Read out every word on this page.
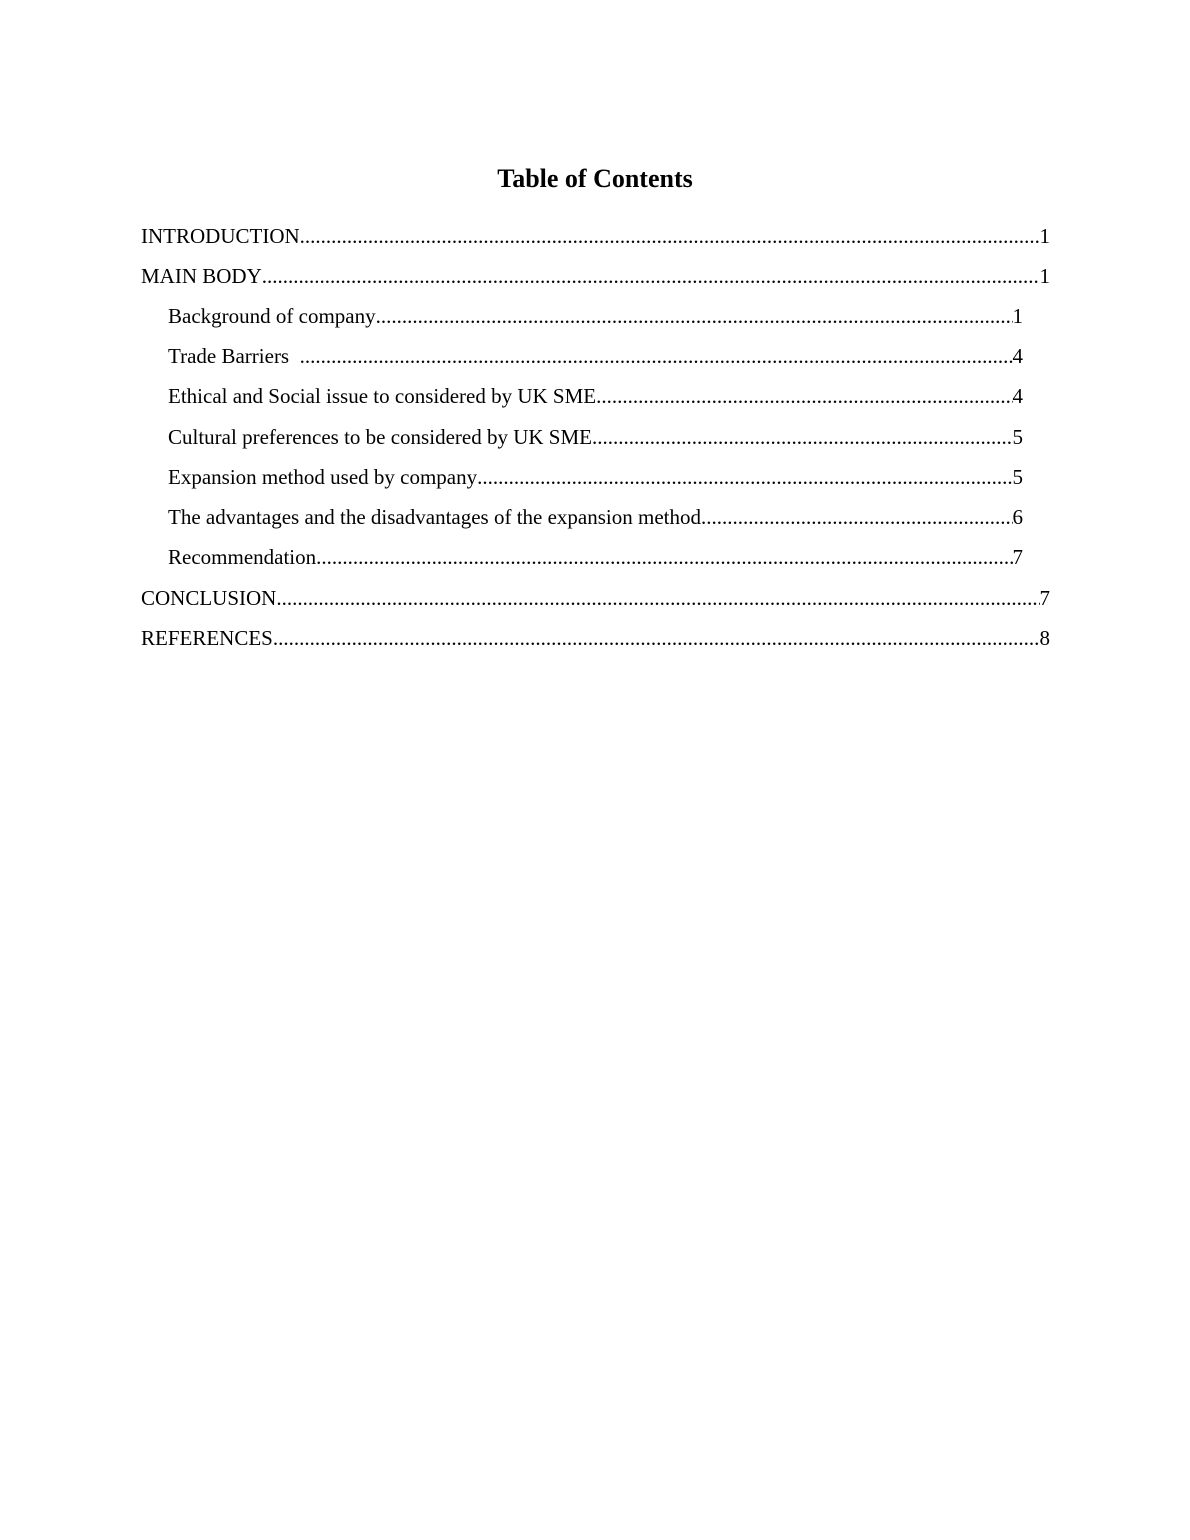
Table of Contents
INTRODUCTION .....	1
MAIN BODY .....	1
Background of company .....	1
Trade Barriers .....	4
Ethical and Social issue to considered by UK SME .....	4
Cultural preferences to be considered by UK SME .....	5
Expansion method used by company .....	5
The advantages and the disadvantages of the expansion method .....	6
Recommendation .....	7
CONCLUSION .....	7
REFERENCES .....	8
